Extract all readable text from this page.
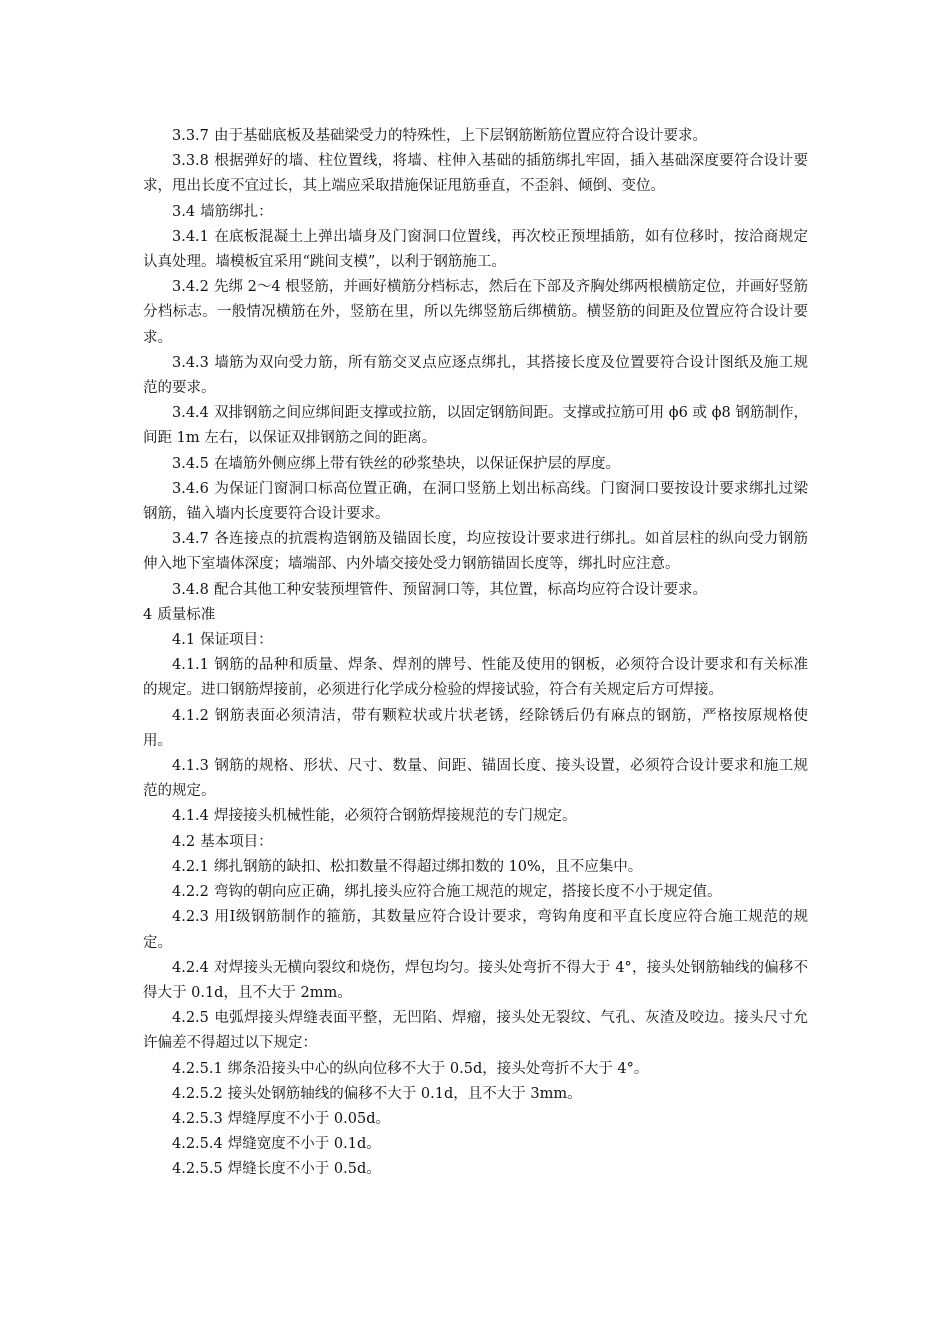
3.3.7 由于基础底板及基础梁受力的特殊性，上下层钢筋断筋位置应符合设计要求。

3.3.8 根据弹好的墙、柱位置线，将墙、柱伸入基础的插筋绑扎牢固，插入基础深度要符合设计要求，甩出长度不宜过长，其上端应采取措施保证甩筋垂直，不歪斜、倾倒、变位。

3.4 墙筋绑扎：

3.4.1 在底板混凝土上弹出墙身及门窗洞口位置线，再次校正预埋插筋，如有位移时，按洽商规定认真处理。墙模板宜采用“跳间支模”，以利于钢筋施工。

3.4.2 先绑 2～4 根竖筋，并画好横筋分档标志，然后在下部及齐胸处绑两根横筋定位，并画好竖筋分档标志。一般情况横筋在外，竖筋在里，所以先绑竖筋后绑横筋。横竖筋的间距及位置应符合设计要求。

3.4.3 墙筋为双向受力筋，所有筋交叉点应逐点绑扎，其搭接长度及位置要符合设计图纸及施工规范的要求。

3.4.4 双排钢筋之间应绑间距支撑或拉筋，以固定钢筋间距。支撑或拉筋可用 ϕ6 或 ϕ8 钢筋制作，间距 1m 左右，以保证双排钢筋之间的距离。

3.4.5 在墙筋外侧应绑上带有铁丝的砂浆垫块，以保证保护层的厚度。

3.4.6 为保证门窗洞口标高位置正确，在洞口竖筋上划出标高线。门窗洞口要按设计要求绑扎过梁钢筋，锚入墙内长度要符合设计要求。

3.4.7 各连接点的抗震构造钢筋及锚固长度，均应按设计要求进行绑扎。如首层柱的纵向受力钢筋伸入地下室墙体深度；墙端部、内外墙交接处受力钢筋锚固长度等，绑扎时应注意。

3.4.8 配合其他工种安装预埋管件、预留洞口等，其位置，标高均应符合设计要求。

4 质量标准

4.1 保证项目：

4.1.1 钢筋的品种和质量、焊条、焊剂的牌号、性能及使用的钢板，必须符合设计要求和有关标准的规定。进口钢筋焊接前，必须进行化学成分检验的焊接试验，符合有关规定后方可焊接。

4.1.2 钢筋表面必须清洁，带有颗粒状或片状老锈，经除锈后仍有麻点的钢筋，严格按原规格使用。

4.1.3 钢筋的规格、形状、尺寸、数量、间距、锚固长度、接头设置，必须符合设计要求和施工规范的规定。

4.1.4 焊接接头机械性能，必须符合钢筋焊接规范的专门规定。

4.2 基本项目：

4.2.1 绑扎钢筋的缺扣、松扣数量不得超过绑扣数的 10%，且不应集中。

4.2.2 弯钩的朝向应正确，绑扎接头应符合施工规范的规定，搭接长度不小于规定值。

4.2.3 用Ⅰ级钢筋制作的箍筋，其数量应符合设计要求，弯钩角度和平直长度应符合施工规范的规定。

4.2.4 对焊接头无横向裂纹和烧伤，焊包均匀。接头处弯折不得大于 4°，接头处钢筋轴线的偏移不得大于 0.1d，且不大于 2mm。

4.2.5 电弧焊接头焊缝表面平整，无凹陷、焊瘤，接头处无裂纹、气孔、灰渣及咬边。接头尺寸允许偏差不得超过以下规定：

4.2.5.1 绑条沿接头中心的纵向位移不大于 0.5d，接头处弯折不大于 4°。

4.2.5.2 接头处钢筋轴线的偏移不大于 0.1d，且不大于 3mm。

4.2.5.3 焊缝厚度不小于 0.05d。

4.2.5.4 焊缝宽度不小于 0.1d。

4.2.5.5 焊缝长度不小于 0.5d。
